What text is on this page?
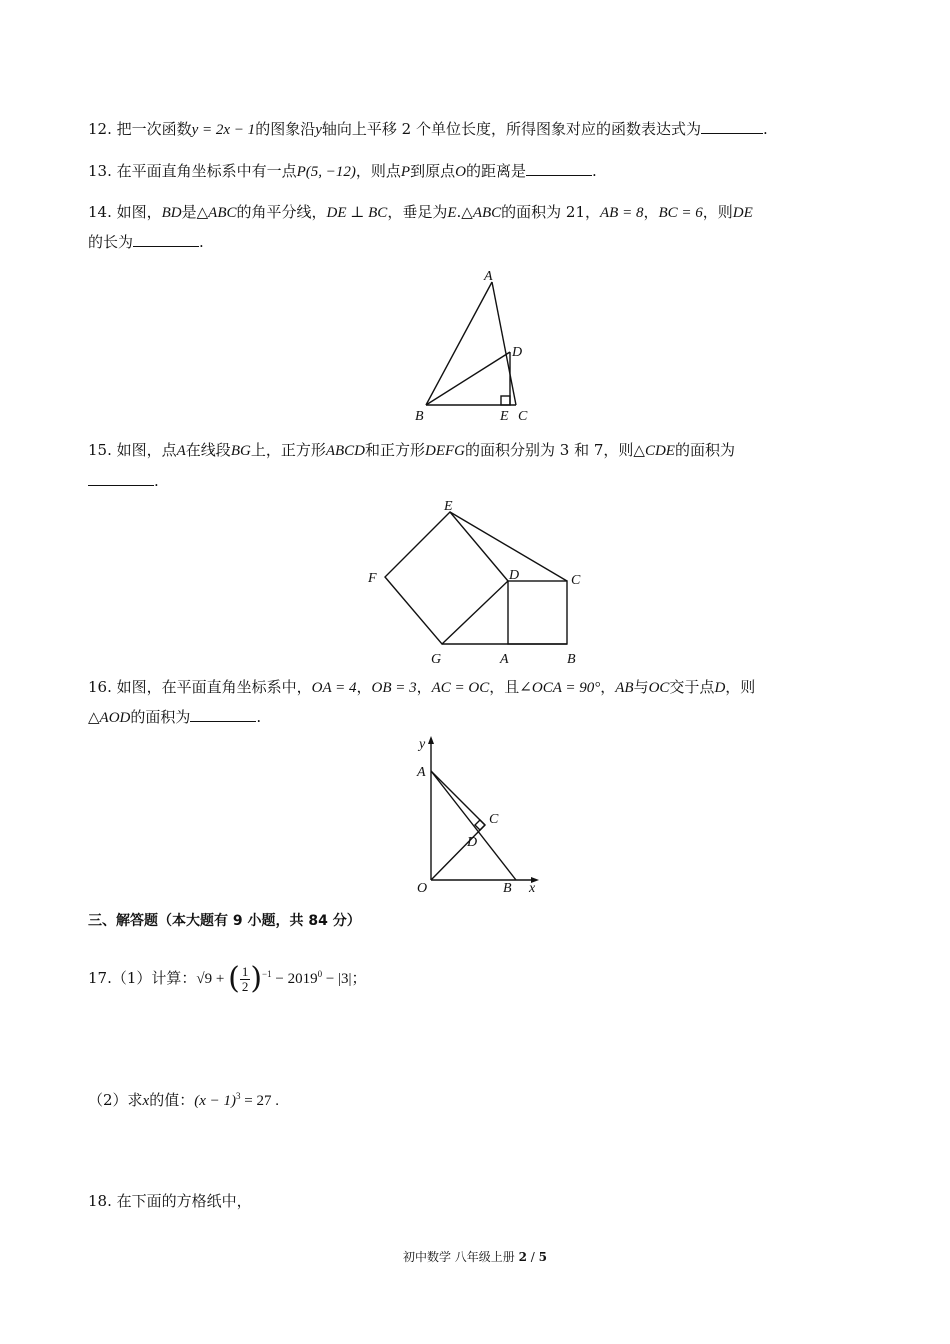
12. 把一次函数y = 2x − 1的图象沿y轴向上平移 2 个单位长度，所得图象对应的函数表达式为	.
13. 在平面直角坐标系中有一点P(5, −12)，则点P到原点O的距离是	.
14. 如图，BD是△ABC的角平分线，DE ⊥ BC，垂足为E.△ABC的面积为 21，AB = 8，BC = 6，则DE
的长为	.
A
B	C
D
E
15. 如图，点A在线段BG上，正方形ABCD和正方形DEFG的面积分别为 3 和 7，则△CDE的面积为
.
E
F	D	C
G	A	B
16. 如图，在平面直角坐标系中，OA = 4，OB = 3，AC = OC，且∠OCA = 90°，AB与OC交于点D，则
△AOD的面积为	.
y
A
C
D
O	B x
三、解答题（本大题有 9 小题，共 84 分）
17.（1）计算：√9 + ( $\frac{1}{2} )^{-1} - 2019^0 - |3|$；
（2）求x的值：$(x - 1)^3 = 27$ .
18. 在下面的方格纸中，
初中数学 八年级上册 2 / 5
